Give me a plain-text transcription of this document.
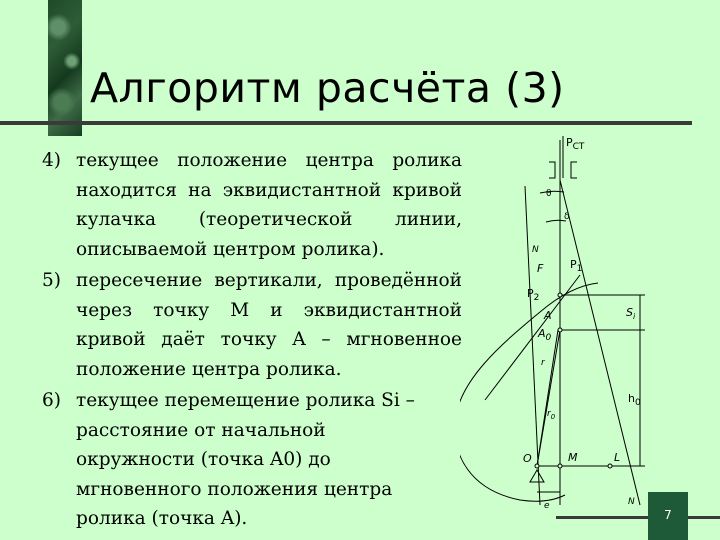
Алгоритм расчёта (3)
4) текущее положение центра ролика
находится на эквидистантной кривой
кулачка (теоретической линии,
описываемой центром ролика).
5) пересечение вертикали, проведённой
через точку M и эквидистантной
кривой даёт точку A – мгновенное
положение центра ролика.
6) текущее перемещение ролика Si –
расстояние от начальной
окружности (точка A0) до
мгновенного положения центра
ролика (точка A).
$P_{CT}$
θ
δ
N
F $P_1$
$P_2$
A
$A_0$
r
$S_i$
$h_0$
$r_0$
O	M	L
e	N
7
